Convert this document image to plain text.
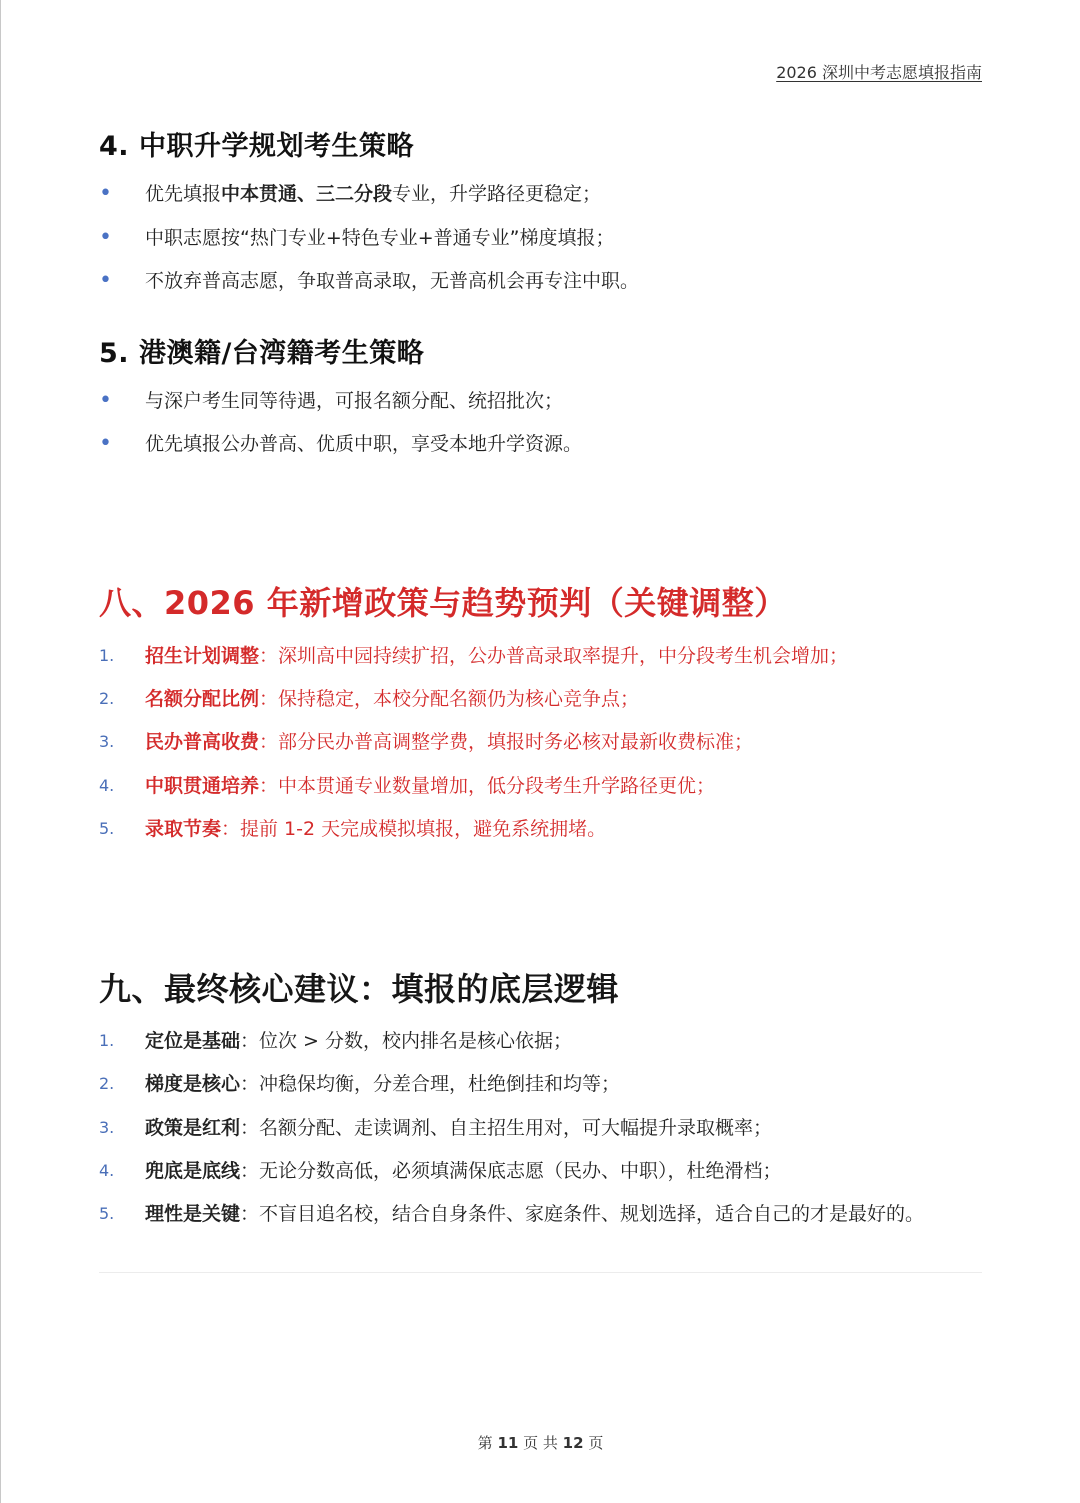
2026 深圳中考志愿填报指南
4. 中职升学规划考生策略
•	优先填报中本贯通、三二分段专业，升学路径更稳定；
•	中职志愿按“热门专业+特色专业+普通专业”梯度填报；
•	不放弃普高志愿，争取普高录取，无普高机会再专注中职。
5. 港澳籍/台湾籍考生策略
•	与深户考生同等待遇，可报名额分配、统招批次；
•	优先填报公办普高、优质中职，享受本地升学资源。
八、2026 年新增政策与趋势预判（关键调整）
1.	招生计划调整：深圳高中园持续扩招，公办普高录取率提升，中分段考生机会增加；
2.	名额分配比例：保持稳定，本校分配名额仍为核心竞争点；
3.	民办普高收费：部分民办普高调整学费，填报时务必核对最新收费标准；
4.	中职贯通培养：中本贯通专业数量增加，低分段考生升学路径更优；
5.	录取节奏：提前 1-2 天完成模拟填报，避免系统拥堵。
九、最终核心建议：填报的底层逻辑
1.	定位是基础：位次 > 分数，校内排名是核心依据；
2.	梯度是核心：冲稳保均衡，分差合理，杜绝倒挂和均等；
3.	政策是红利：名额分配、走读调剂、自主招生用对，可大幅提升录取概率；
4.	兜底是底线：无论分数高低，必须填满保底志愿（民办、中职），杜绝滑档；
5.	理性是关键：不盲目追名校，结合自身条件、家庭条件、规划选择，适合自己的才是最好的。
第 11 页 共 12 页
